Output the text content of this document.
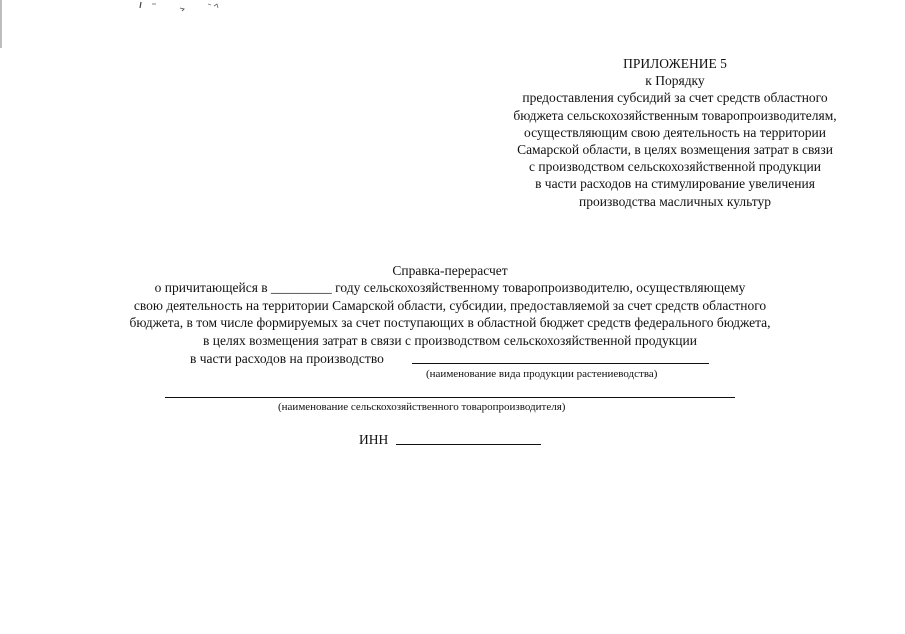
ПРИЛОЖЕНИЕ 5
к Порядку
предоставления субсидий за счет средств областного
бюджета сельскохозяйственным товаропроизводителям,
осуществляющим свою деятельность на территории
Самарской области, в целях возмещения затрат в связи
с производством сельскохозяйственной продукции
в части расходов на стимулирование увеличения
производства масличных культур
Справка-перерасчет
о причитающейся в _________ году сельскохозяйственному товаропроизводителю, осуществляющему
свою деятельность на территории Самарской области, субсидии, предоставляемой за счет средств областного
бюджета, в том числе формируемых за счет поступающих в областной бюджет средств федерального бюджета,
в целях возмещения затрат в связи с производством сельскохозяйственной продукции
в части расходов на производство
(наименование вида продукции растениеводства)
(наименование сельскохозяйственного товаропроизводителя)
ИНН
